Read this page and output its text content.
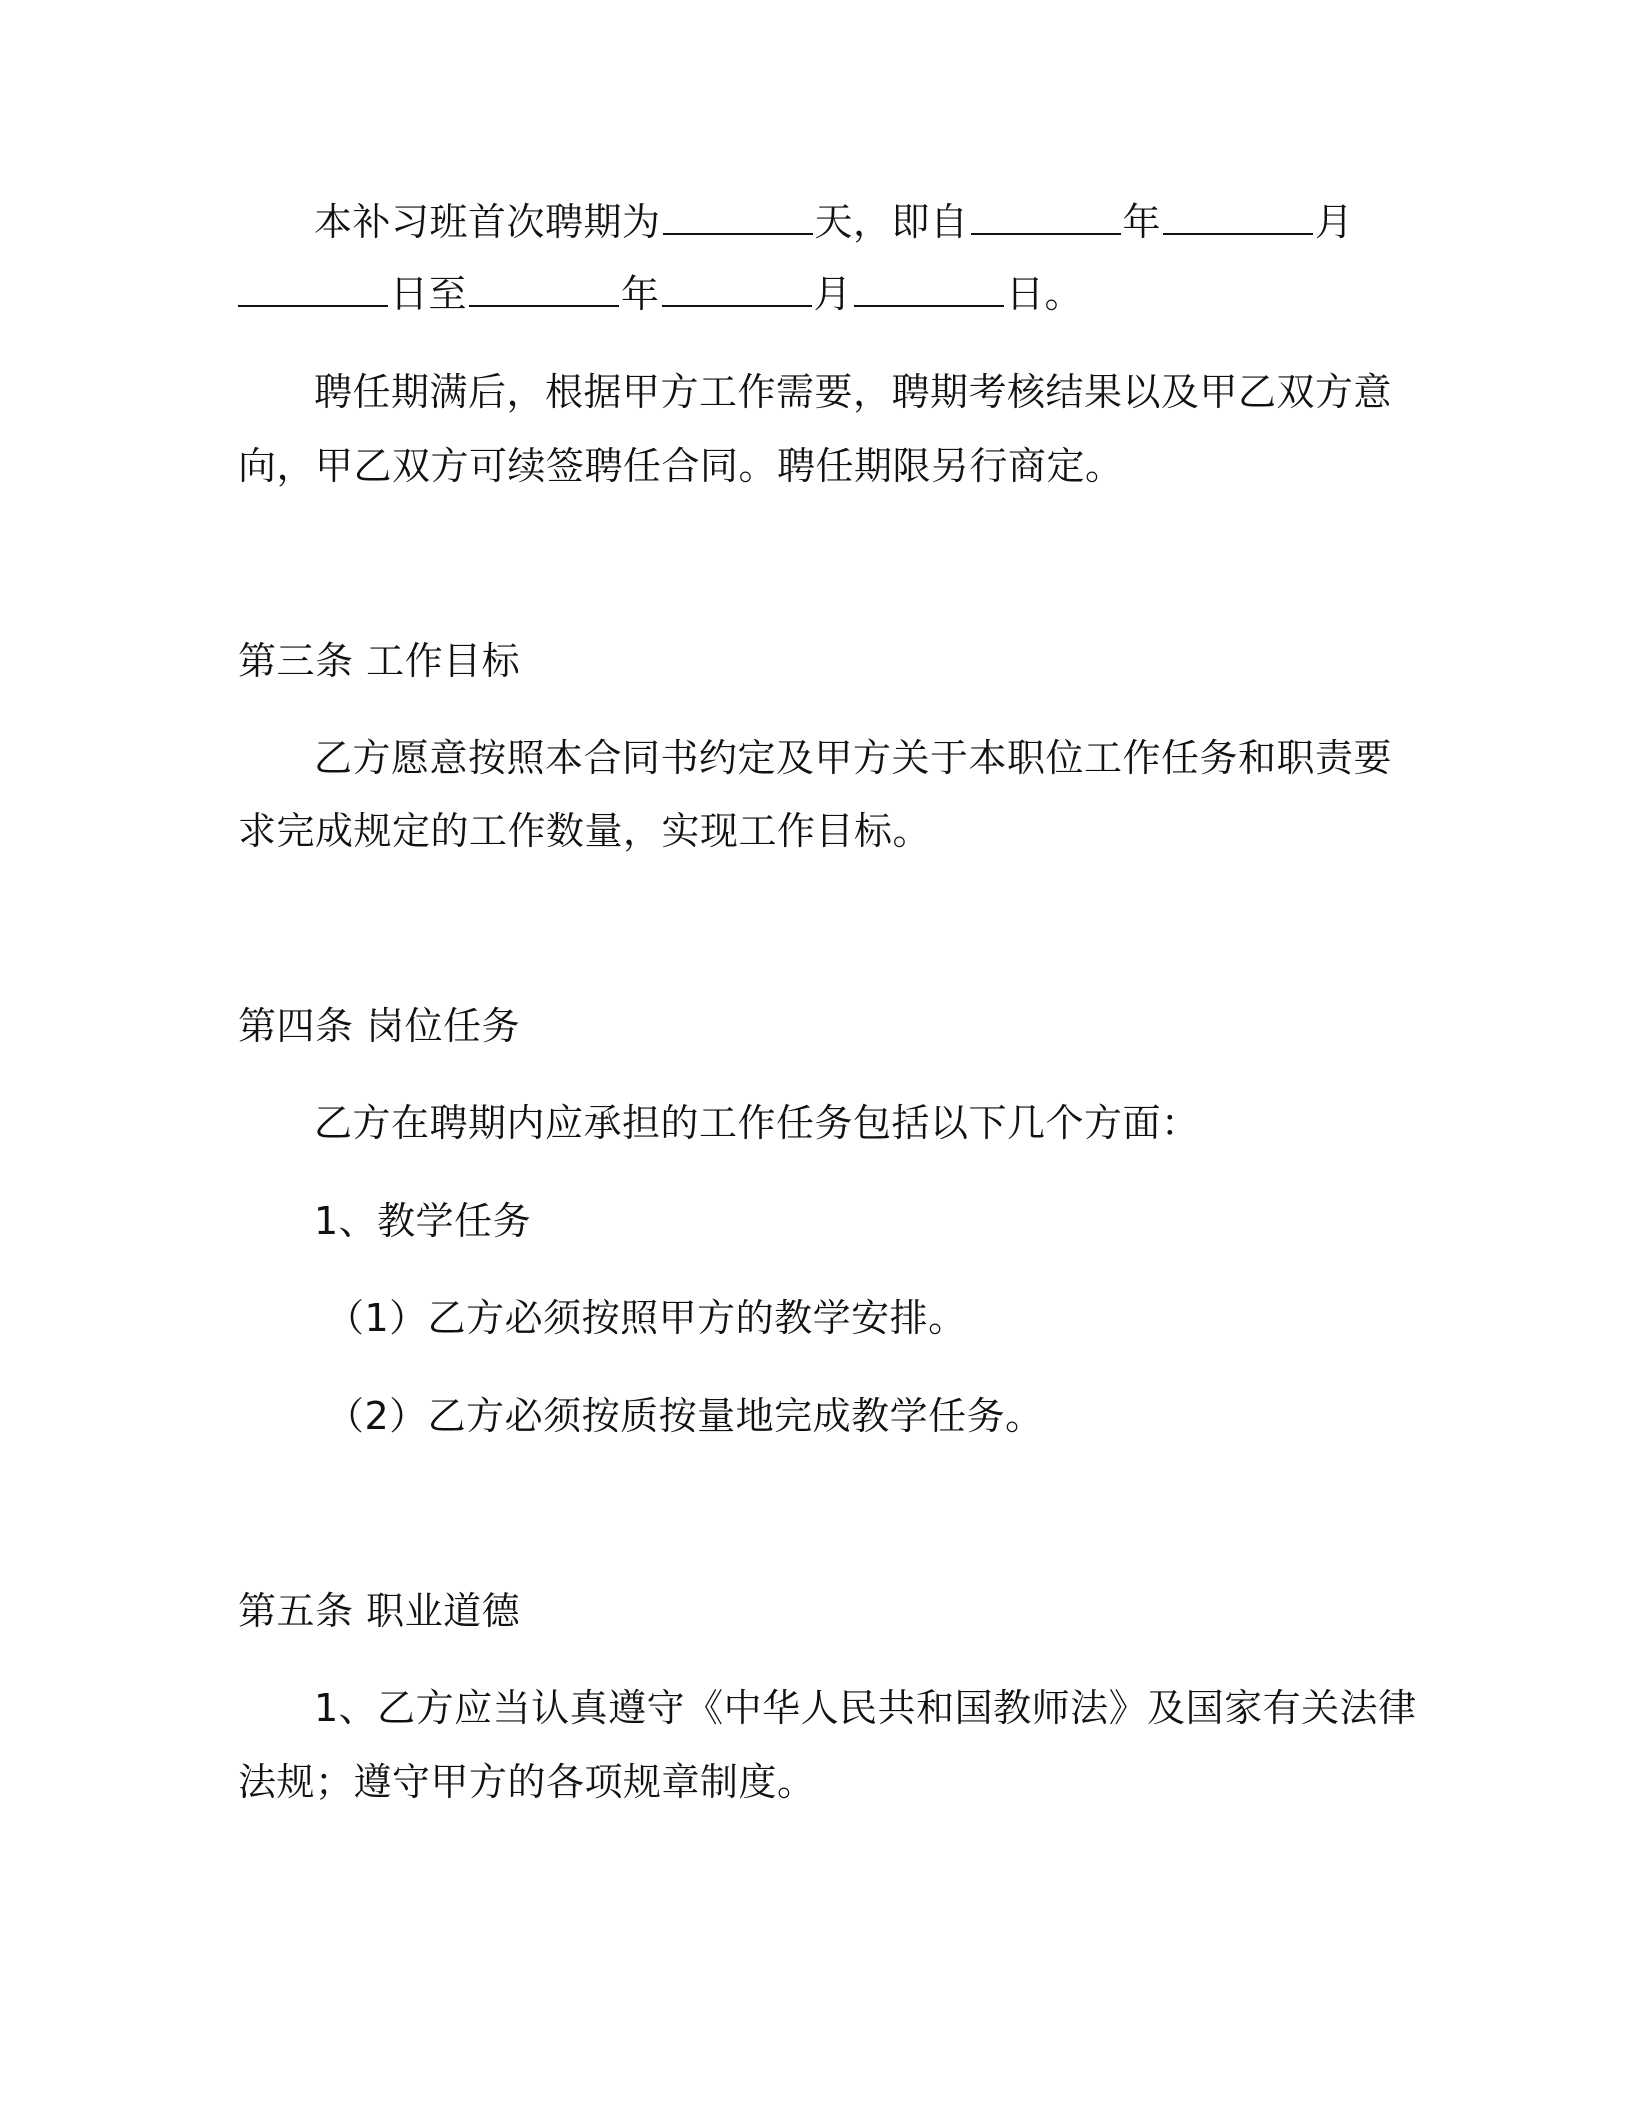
本补习班首次聘期为	天，即自	年	月
日至	年	月	日。
聘任期满后，根据甲方工作需要，聘期考核结果以及甲乙双方意
向，甲乙双方可续签聘任合同。聘任期限另行商定。
第三条 工作目标
乙方愿意按照本合同书约定及甲方关于本职位工作任务和职责要
求完成规定的工作数量，实现工作目标。
第四条 岗位任务
乙方在聘期内应承担的工作任务包括以下几个方面：
1、教学任务
（1）乙方必须按照甲方的教学安排。
（2）乙方必须按质按量地完成教学任务。
第五条 职业道德
1、乙方应当认真遵守《中华人民共和国教师法》及国家有关法律
法规；遵守甲方的各项规章制度。
